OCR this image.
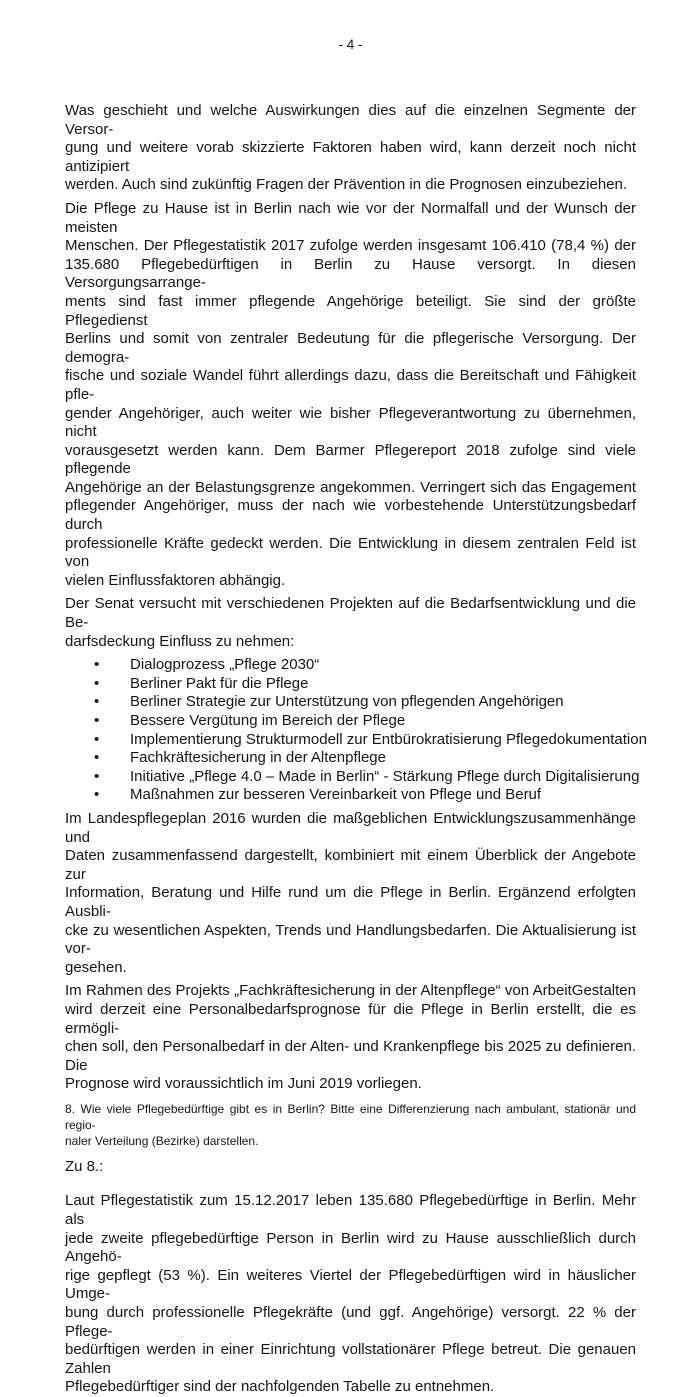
- 4 -
Was geschieht und welche Auswirkungen dies auf die einzelnen Segmente der Versor-
gung und weitere vorab skizzierte Faktoren haben wird, kann derzeit noch nicht antizipiert
werden. Auch sind zukünftig Fragen der Prävention in die Prognosen einzubeziehen.
Die Pflege zu Hause ist in Berlin nach wie vor der Normalfall und der Wunsch der meisten
Menschen. Der Pflegestatistik 2017 zufolge werden insgesamt 106.410 (78,4 %) der
135.680 Pflegebedürftigen in Berlin zu Hause versorgt. In diesen Versorgungsarrange-
ments sind fast immer pflegende Angehörige beteiligt. Sie sind der größte Pflegedienst
Berlins und somit von zentraler Bedeutung für die pflegerische Versorgung. Der demogra-
fische und soziale Wandel führt allerdings dazu, dass die Bereitschaft und Fähigkeit pfle-
gender Angehöriger, auch weiter wie bisher Pflegeverantwortung zu übernehmen, nicht
vorausgesetzt werden kann. Dem Barmer Pflegereport 2018 zufolge sind viele pflegende
Angehörige an der Belastungsgrenze angekommen. Verringert sich das Engagement
pflegender Angehöriger, muss der nach wie vorbestehende Unterstützungsbedarf durch
professionelle Kräfte gedeckt werden. Die Entwicklung in diesem zentralen Feld ist von
vielen Einflussfaktoren abhängig.
Der Senat versucht mit verschiedenen Projekten auf die Bedarfsentwicklung und die Be-
darfsdeckung Einfluss zu nehmen:
• Dialogprozess „Pflege 2030“
• Berliner Pakt für die Pflege
• Berliner Strategie zur Unterstützung von pflegenden Angehörigen
• Bessere Vergütung im Bereich der Pflege
• Implementierung Strukturmodell zur Entbürokratisierung Pflegedokumentation
• Fachkräftesicherung in der Altenpflege
• Initiative „Pflege 4.0 – Made in Berlin“ - Stärkung Pflege durch Digitalisierung
• Maßnahmen zur besseren Vereinbarkeit von Pflege und Beruf
Im Landespflegeplan 2016 wurden die maßgeblichen Entwicklungszusammenhänge und
Daten zusammenfassend dargestellt, kombiniert mit einem Überblick der Angebote zur
Information, Beratung und Hilfe rund um die Pflege in Berlin. Ergänzend erfolgten Ausbli-
cke zu wesentlichen Aspekten, Trends und Handlungsbedarfen. Die Aktualisierung ist vor-
gesehen.
Im Rahmen des Projekts „Fachkräftesicherung in der Altenpflege“ von ArbeitGestalten
wird derzeit eine Personalbedarfsprognose für die Pflege in Berlin erstellt, die es ermögli-
chen soll, den Personalbedarf in der Alten- und Krankenpflege bis 2025 zu definieren. Die
Prognose wird voraussichtlich im Juni 2019 vorliegen.
8. Wie viele Pflegebedürftige gibt es in Berlin? Bitte eine Differenzierung nach ambulant, stationär und regio-
naler Verteilung (Bezirke) darstellen.
Zu 8.:
Laut Pflegestatistik zum 15.12.2017 leben 135.680 Pflegebedürftige in Berlin. Mehr als
jede zweite pflegebedürftige Person in Berlin wird zu Hause ausschließlich durch Angehö-
rige gepflegt (53 %). Ein weiteres Viertel der Pflegebedürftigen wird in häuslicher Umge-
bung durch professionelle Pflegekräfte (und ggf. Angehörige) versorgt. 22 % der Pflege-
bedürftigen werden in einer Einrichtung vollstationärer Pflege betreut. Die genauen Zahlen
Pflegebedürftiger sind der nachfolgenden Tabelle zu entnehmen.
